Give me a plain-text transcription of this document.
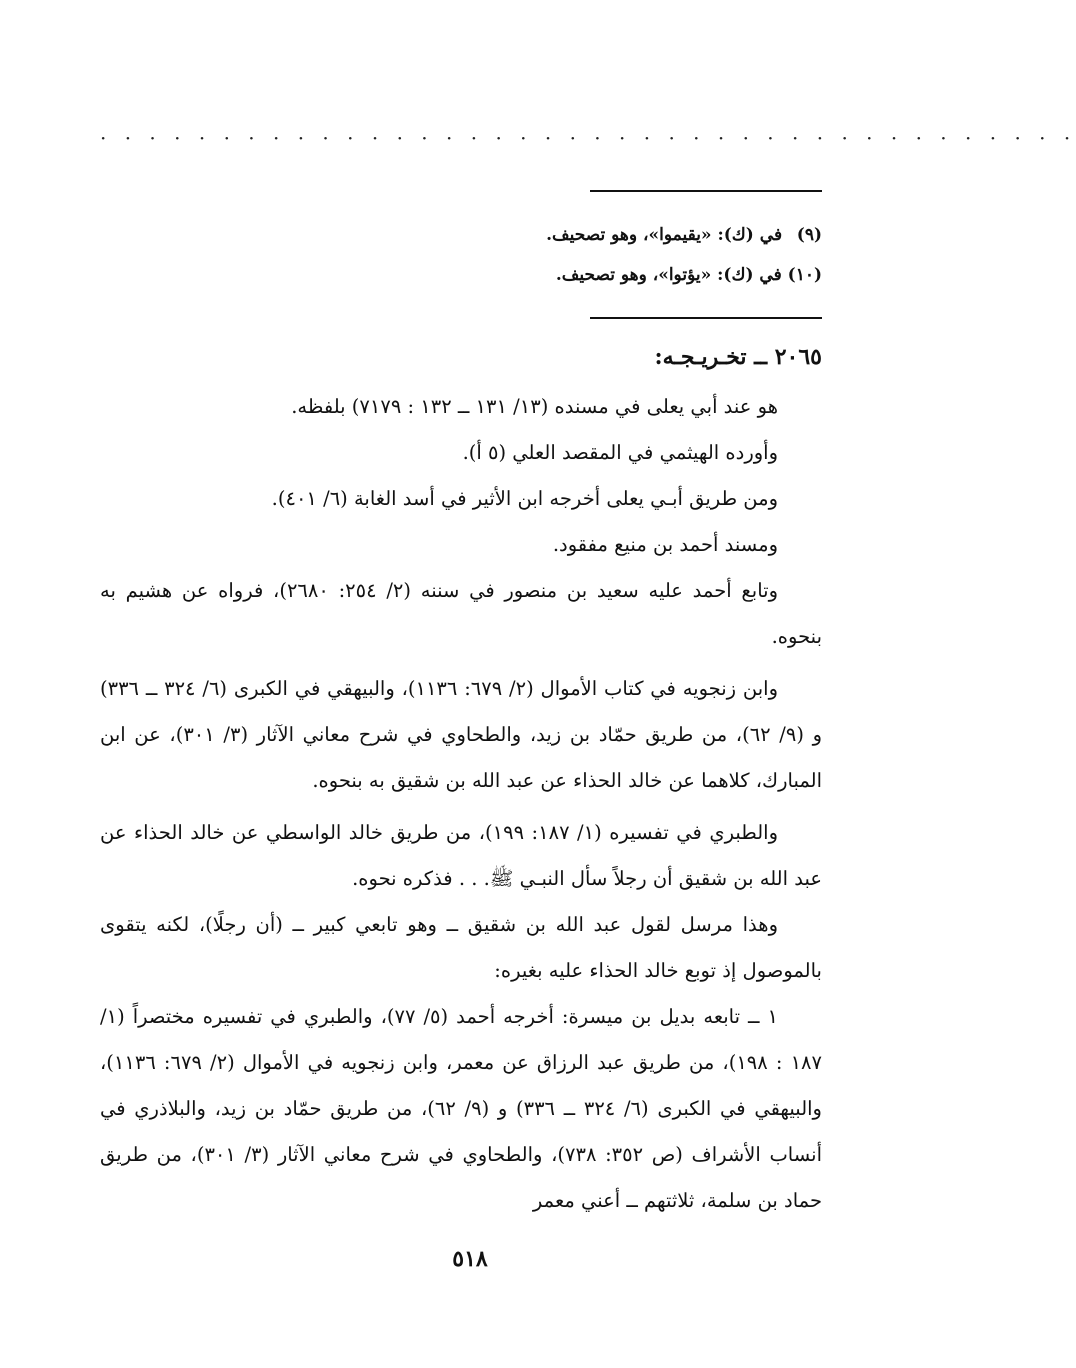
· · · · · · · · · · · · · · · · · · · · · · · · · · · · · · · · · · · · · · · ·
(٩) في (ك): «يقيموا»، وهو تصحيف.
(١٠) في (ك): «يؤتوا»، وهو تصحيف.
٢٠٦٥ ــ تخـريـجـه:

هو عند أبي يعلى في مسنده (١٣/ ١٣١ ــ ١٣٢ : ٧١٧٩) بلفظه.

وأورده الهيثمي في المقصد العلي (٥ أ).

ومن طريق أبـي يعلى أخرجه ابن الأثير في أسد الغابة (٦/ ٤٠١).

ومسند أحمد بن منيع مفقود.

وتابع أحمد عليه سعيد بن منصور في سننه (٢/ ٢٥٤: ٢٦٨٠)، فرواه عن هشيم به بنحوه.

وابن زنجويه في كتاب الأموال (٢/ ٦٧٩: ١١٣٦)، والبيهقي في الكبرى (٦/ ٣٢٤ ــ ٣٣٦) و (٩/ ٦٢)، من طريق حمّاد بن زيد، والطحاوي في شرح معاني الآثار (٣/ ٣٠١)، عن ابن المبارك، كلاهما عن خالد الحذاء عن عبد الله بن شقيق به بنحوه.

والطبري في تفسيره (١/ ١٨٧: ١٩٩)، من طريق خالد الواسطي عن خالد الحذاء عن عبد الله بن شقيق أن رجلاً سأل النبـي ﷺ. . . فذكره نحوه.

وهذا مرسل لقول عبد الله بن شقيق ــ وهو تابعي كبير ــ (أن رجلًا)، لكنه يتقوى بالموصول إذ توبع خالد الحذاء عليه بغيره:

١ ــ تابعه بديل بن ميسرة: أخرجه أحمد (٥/ ٧٧)، والطبري في تفسيره مختصراً (١/ ١٨٧ : ١٩٨)، من طريق عبد الرزاق عن معمر، وابن زنجويه في الأموال (٢/ ٦٧٩: ١١٣٦)، والبيهقي في الكبرى (٦/ ٣٢٤ ــ ٣٣٦) و (٩/ ٦٢)، من طريق حمّاد بن زيد، والبلاذري في أنساب الأشراف (ص ٣٥٢: ٧٣٨)، والطحاوي في شرح معاني الآثار (٣/ ٣٠١)، من طريق حماد بن سلمة، ثلاثتهم ــ أعني معمر

٥١٨
